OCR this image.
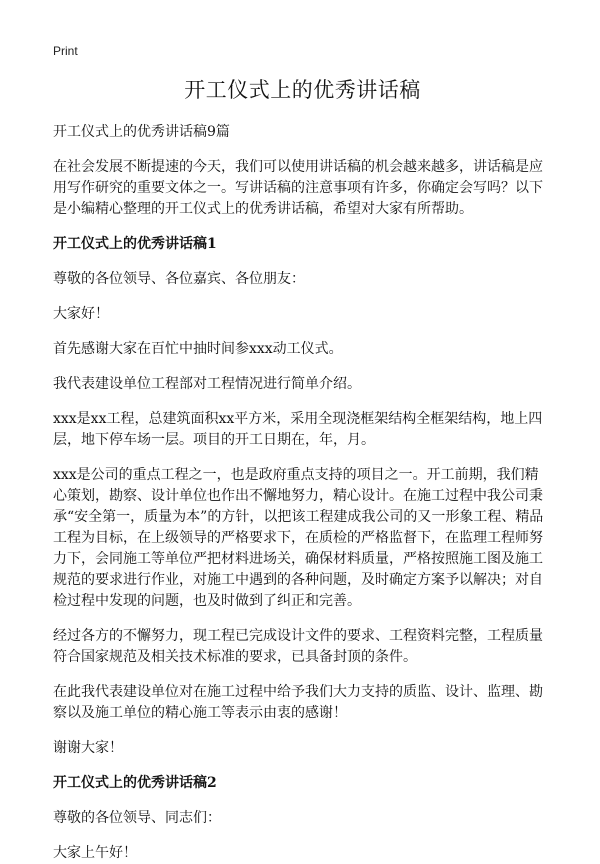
Print
开工仪式上的优秀讲话稿

开工仪式上的优秀讲话稿9篇

在社会发展不断提速的今天，我们可以使用讲话稿的机会越来越多，讲话稿是应用写作研究的重要文体之一。写讲话稿的注意事项有许多，你确定会写吗？以下是小编精心整理的开工仪式上的优秀讲话稿，希望对大家有所帮助。

开工仪式上的优秀讲话稿1

尊敬的各位领导、各位嘉宾、各位朋友：

大家好！

首先感谢大家在百忙中抽时间参xxx动工仪式。

我代表建设单位工程部对工程情况进行简单介绍。

xxx是xx工程，总建筑面积xx平方米，采用全现浇框架结构全框架结构，地上四层，地下停车场一层。项目的开工日期在，年，月。

xxx是公司的重点工程之一，也是政府重点支持的项目之一。开工前期，我们精心策划，勘察、设计单位也作出不懈地努力，精心设计。在施工过程中我公司秉承“安全第一，质量为本”的方针，以把该工程建成我公司的又一形象工程、精品工程为目标，在上级领导的严格要求下，在质检的严格监督下，在监理工程师努力下，会同施工等单位严把材料进场关，确保材料质量，严格按照施工图及施工规范的要求进行作业，对施工中遇到的各种问题，及时确定方案予以解决；对自检过程中发现的问题，也及时做到了纠正和完善。

经过各方的不懈努力，现工程已完成设计文件的要求、工程资料完整，工程质量符合国家规范及相关技术标准的要求，已具备封顶的条件。

在此我代表建设单位对在施工过程中给予我们大力支持的质监、设计、监理、勘察以及施工单位的精心施工等表示由衷的感谢！

谢谢大家！

开工仪式上的优秀讲话稿2

尊敬的各位领导、同志们：

大家上午好！
